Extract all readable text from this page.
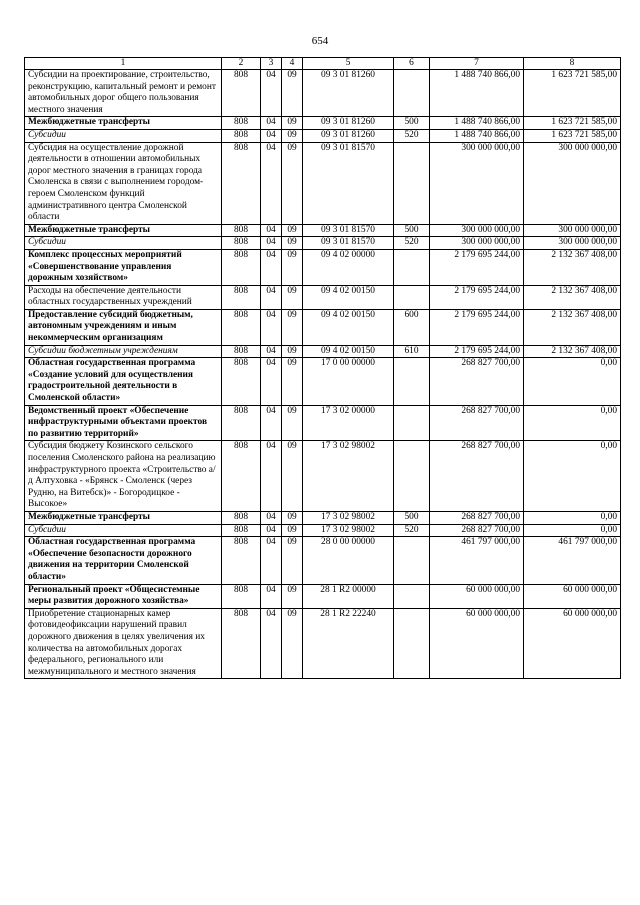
654
1	2	3	4	5	6	7	8
Субсидии на проектирование, строительство, реконструкцию, капитальный ремонт и ремонт автомобильных дорог общего пользования местного значения	808	04	09	09 3 01 81260		1 488 740 866,00	1 623 721 585,00
Межбюджетные трансферты	808	04	09	09 3 01 81260	500	1 488 740 866,00	1 623 721 585,00
Субсидии	808	04	09	09 3 01 81260	520	1 488 740 866,00	1 623 721 585,00
Субсидия на осуществление дорожной деятельности в отношении автомобильных дорог местного значения в границах города Смоленска в связи с выполнением городом-героем Смоленском функций административного центра Смоленской области	808	04	09	09 3 01 81570		300 000 000,00	300 000 000,00
Межбюджетные трансферты	808	04	09	09 3 01 81570	500	300 000 000,00	300 000 000,00
Субсидии	808	04	09	09 3 01 81570	520	300 000 000,00	300 000 000,00
Комплекс процессных мероприятий «Совершенствование управления дорожным хозяйством»	808	04	09	09 4 02 00000		2 179 695 244,00	2 132 367 408,00
Расходы на обеспечение деятельности областных государственных учреждений	808	04	09	09 4 02 00150		2 179 695 244,00	2 132 367 408,00
Предоставление субсидий бюджетным, автономным учреждениям и иным некоммерческим организациям	808	04	09	09 4 02 00150	600	2 179 695 244,00	2 132 367 408,00
Субсидии бюджетным учреждениям	808	04	09	09 4 02 00150	610	2 179 695 244,00	2 132 367 408,00
Областная государственная программа «Создание условий для осуществления градостроительной деятельности в Смоленской области»	808	04	09	17 0 00 00000		268 827 700,00	0,00
Ведомственный проект «Обеспечение инфраструктурными объектами проектов по развитию территорий»	808	04	09	17 3 02 00000		268 827 700,00	0,00
Субсидия бюджету Козинского сельского поселения Смоленского района на реализацию инфраструктурного проекта «Строительство а/д Алтуховка - «Брянск - Смоленск (через Рудню, на Витебск)» - Богородицкое - Высокое»	808	04	09	17 3 02 98002		268 827 700,00	0,00
Межбюджетные трансферты	808	04	09	17 3 02 98002	500	268 827 700,00	0,00
Субсидии	808	04	09	17 3 02 98002	520	268 827 700,00	0,00
Областная государственная программа «Обеспечение безопасности дорожного движения на территории Смоленской области»	808	04	09	28 0 00 00000		461 797 000,00	461 797 000,00
Региональный проект «Общесистемные меры развития дорожного хозяйства»	808	04	09	28 1 R2 00000		60 000 000,00	60 000 000,00
Приобретение стационарных камер фотовидеофиксации нарушений правил дорожного движения в целях увеличения их количества на автомобильных дорогах федерального, регионального или межмуниципального и местного значения	808	04	09	28 1 R2 22240		60 000 000,00	60 000 000,00
